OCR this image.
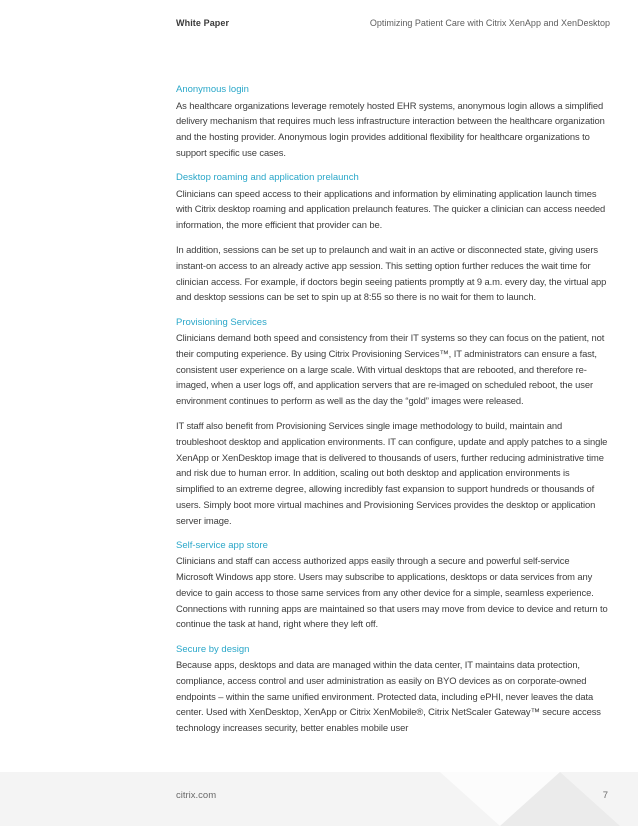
White Paper	Optimizing Patient Care with Citrix XenApp and XenDesktop
Anonymous login

As healthcare organizations leverage remotely hosted EHR systems, anonymous login allows a simplified delivery mechanism that requires much less infrastructure interaction between the healthcare organization and the hosting provider. Anonymous login provides additional flexibility for healthcare organizations to support specific use cases.

Desktop roaming and application prelaunch

Clinicians can speed access to their applications and information by eliminating application launch times with Citrix desktop roaming and application prelaunch features. The quicker a clinician can access needed information, the more efficient that provider can be.

In addition, sessions can be set up to prelaunch and wait in an active or disconnected state, giving users instant-on access to an already active app session. This setting option further reduces the wait time for clinician access. For example, if doctors begin seeing patients promptly at 9 a.m. every day, the virtual app and desktop sessions can be set to spin up at 8:55 so there is no wait for them to launch.

Provisioning Services

Clinicians demand both speed and consistency from their IT systems so they can focus on the patient, not their computing experience. By using Citrix Provisioning Services™, IT administrators can ensure a fast, consistent user experience on a large scale. With virtual desktops that are rebooted, and therefore re-imaged, when a user logs off, and application servers that are re-imaged on scheduled reboot, the user environment continues to perform as well as the day the “gold” images were released.

IT staff also benefit from Provisioning Services single image methodology to build, maintain and troubleshoot desktop and application environments. IT can configure, update and apply patches to a single XenApp or XenDesktop image that is delivered to thousands of users, further reducing administrative time and risk due to human error. In addition, scaling out both desktop and application environments is simplified to an extreme degree, allowing incredibly fast expansion to support hundreds or thousands of users. Simply boot more virtual machines and Provisioning Services provides the desktop or application server image.

Self-service app store

Clinicians and staff can access authorized apps easily through a secure and powerful self-service Microsoft Windows app store. Users may subscribe to applications, desktops or data services from any device to gain access to those same services from any other device for a simple, seamless experience. Connections with running apps are maintained so that users may move from device to device and return to continue the task at hand, right where they left off.

Secure by design

Because apps, desktops and data are managed within the data center, IT maintains data protection, compliance, access control and user administration as easily on BYO devices as on corporate-owned endpoints – within the same unified environment. Protected data, including ePHI, never leaves the data center. Used with XenDesktop, XenApp or Citrix XenMobile®, Citrix NetScaler Gateway™ secure access technology increases security, better enables mobile user

citrix.com	7
